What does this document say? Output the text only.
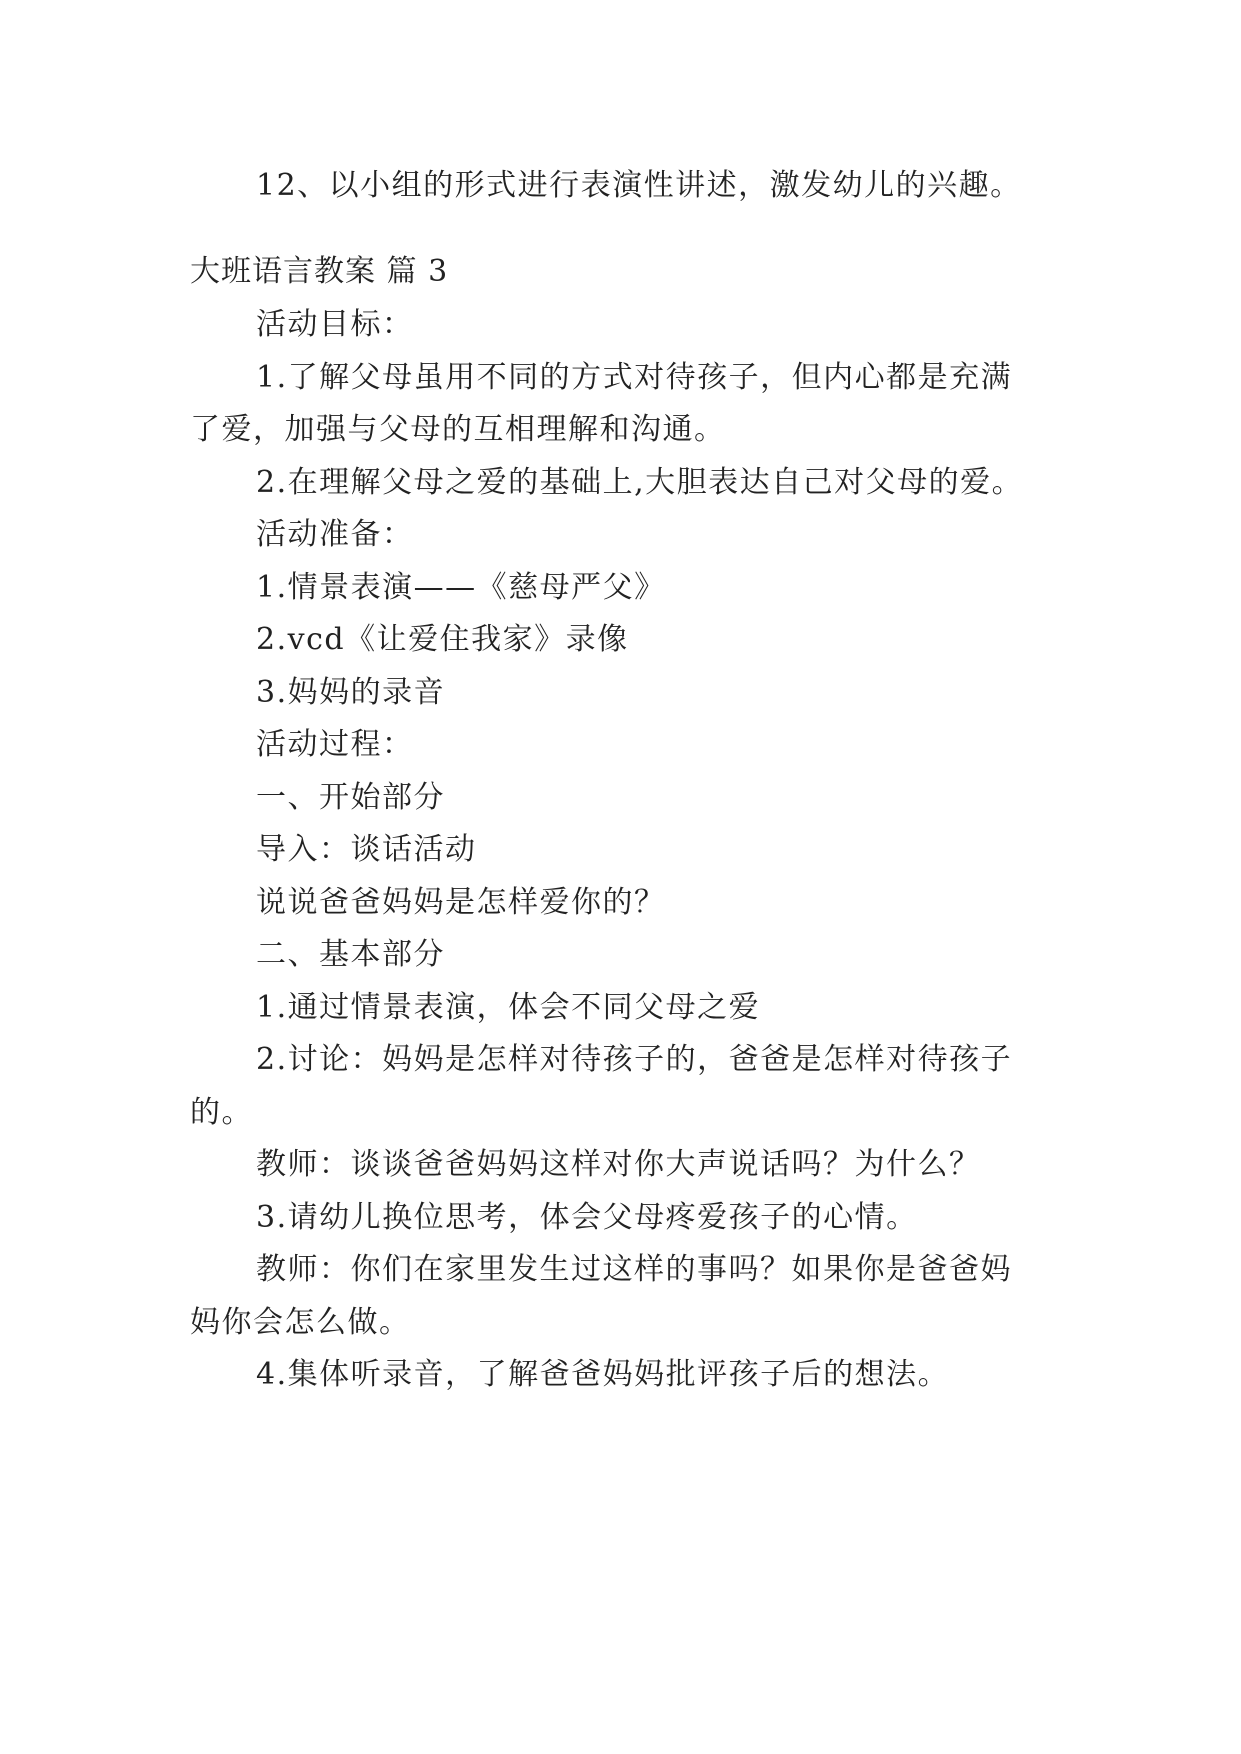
12、以小组的形式进行表演性讲述，激发幼儿的兴趣。
大班语言教案 篇 3
活动目标：
1.了解父母虽用不同的方式对待孩子，但内心都是充满
了爱，加强与父母的互相理解和沟通。
2.在理解父母之爱的基础上,大胆表达自己对父母的爱。
活动准备：
1.情景表演——《慈母严父》
2.vcd《让爱住我家》录像
3.妈妈的录音
活动过程：
一、开始部分
导入：谈话活动
说说爸爸妈妈是怎样爱你的？
二、基本部分
1.通过情景表演，体会不同父母之爱
2.讨论：妈妈是怎样对待孩子的，爸爸是怎样对待孩子
的。
教师：谈谈爸爸妈妈这样对你大声说话吗？为什么？
3.请幼儿换位思考，体会父母疼爱孩子的心情。
教师：你们在家里发生过这样的事吗？如果你是爸爸妈
妈你会怎么做。
4.集体听录音，了解爸爸妈妈批评孩子后的想法。
